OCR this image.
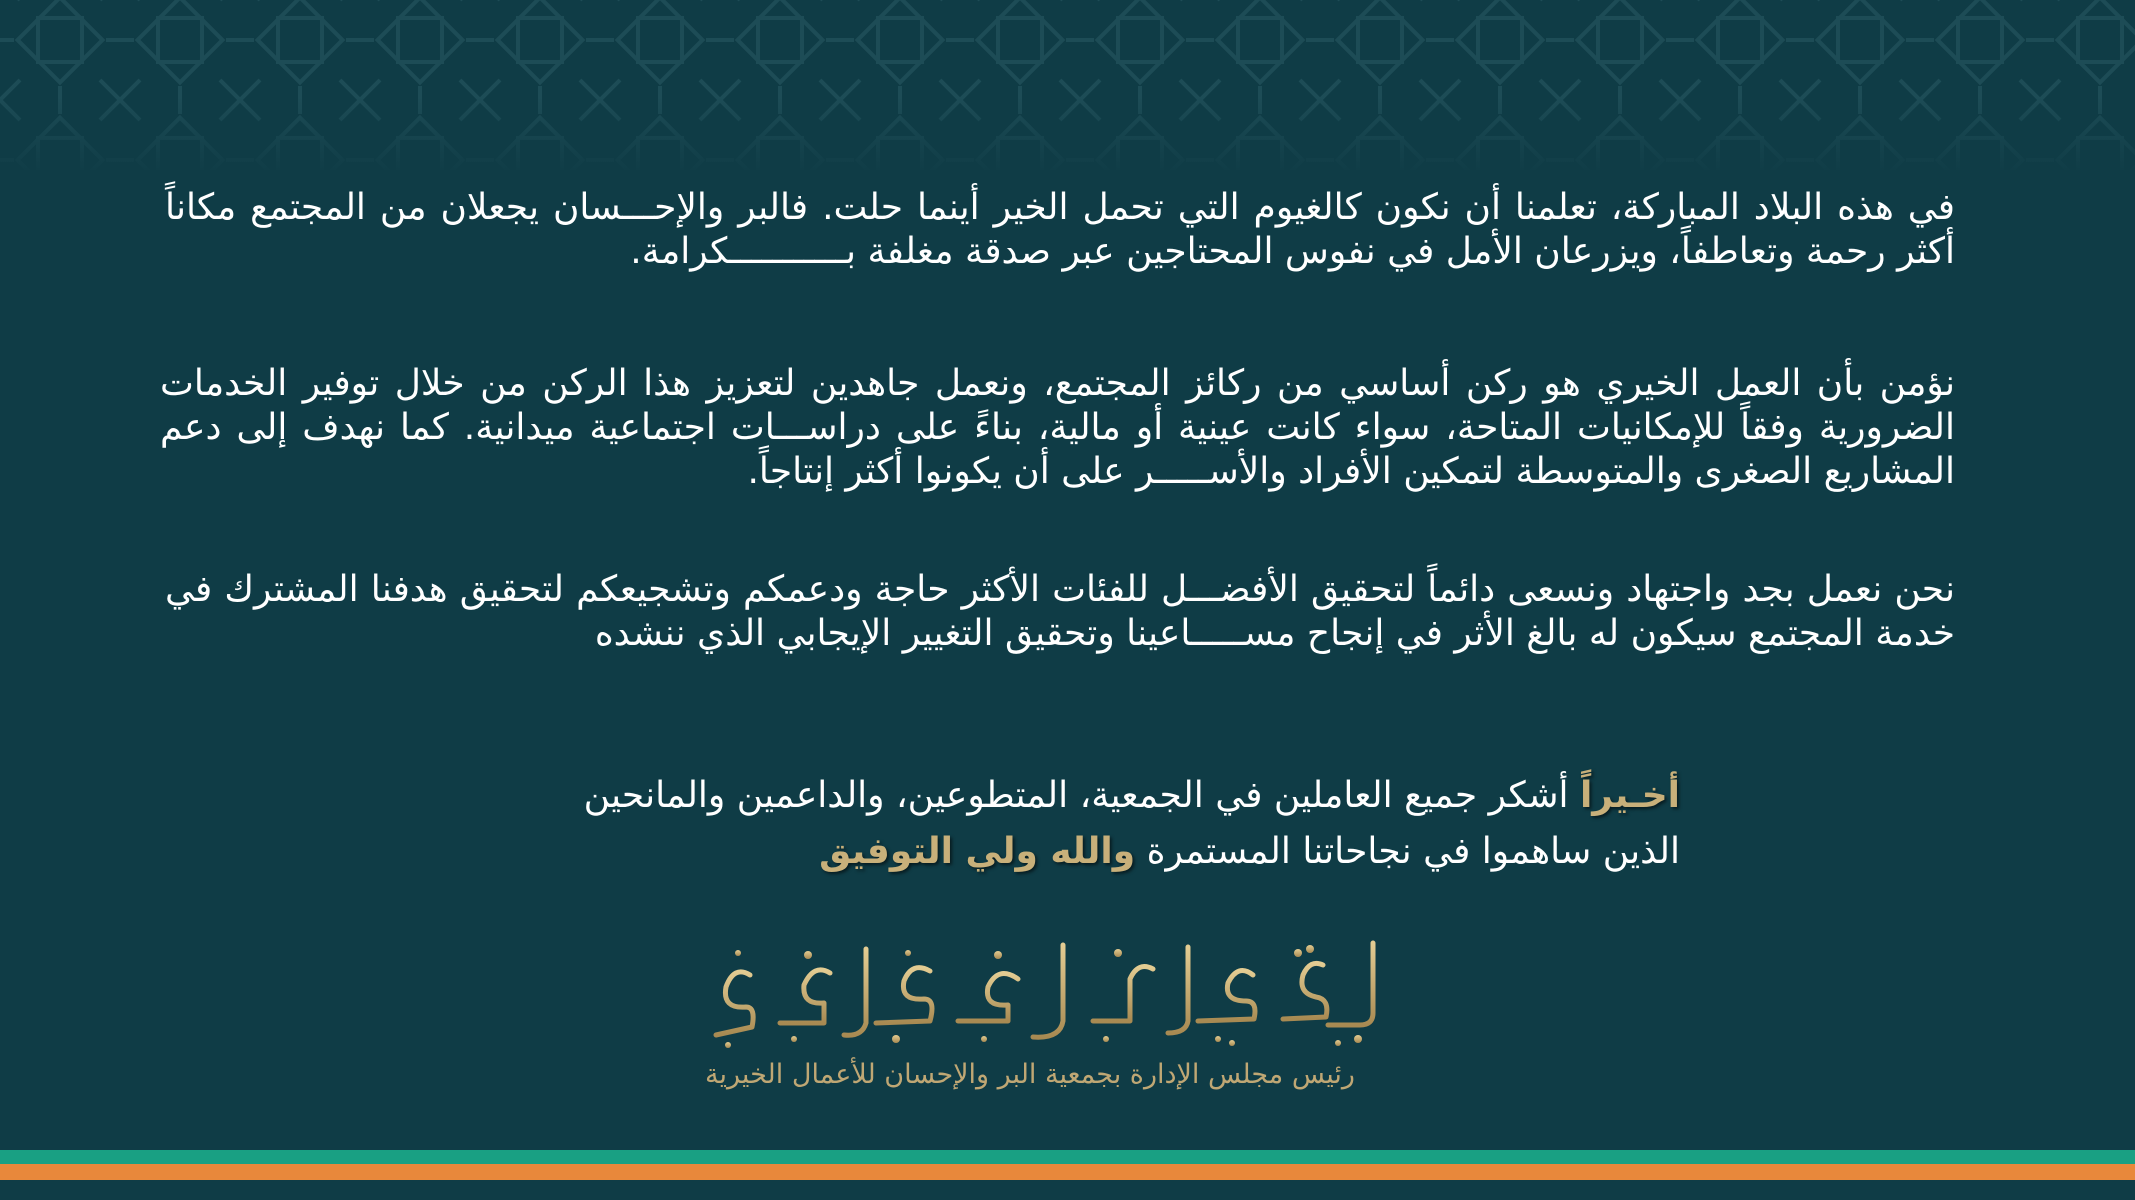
في هذه البلاد المباركة، تعلمنا أن نكون كالغيوم التي تحمل الخير أينما حلت. فالبر والإحـــسان يجعلان من المجتمع مكاناً أكثر رحمة وتعاطفاً، ويزرعان الأمل في نفوس المحتاجين عبر صدقة مغلفة بـــــــــــكرامة.

نؤمن بأن العمل الخيري هو ركن أساسي من ركائز المجتمع، ونعمل جاهدين لتعزيز هذا الركن من خلال توفير الخدمات الضرورية وفقاً للإمكانيات المتاحة، سواء كانت عينية أو مالية، بناءً على دراســـات اجتماعية ميدانية. كما نهدف إلى دعم المشاريع الصغرى والمتوسطة لتمكين الأفراد والأســـــر على أن يكونوا أكثر إنتاجاً.

نحن نعمل بجد واجتهاد ونسعى دائماً لتحقيق الأفضـــل للفئات الأكثر حاجة ودعمكم وتشجيعكم لتحقيق هدفنا المشترك في خدمة المجتمع سيكون له بالغ الأثر في إنجاح مســـــاعينا وتحقيق التغيير الإيجابي الذي ننشده

أخـيراً أشكر جميع العاملين في الجمعية، المتطوعين، والداعمين والمانحين
الذين ساهموا في نجاحاتنا المستمرة والله ولي التوفيق
رئيس مجلس الإدارة بجمعية البر والإحسان للأعمال الخيرية
